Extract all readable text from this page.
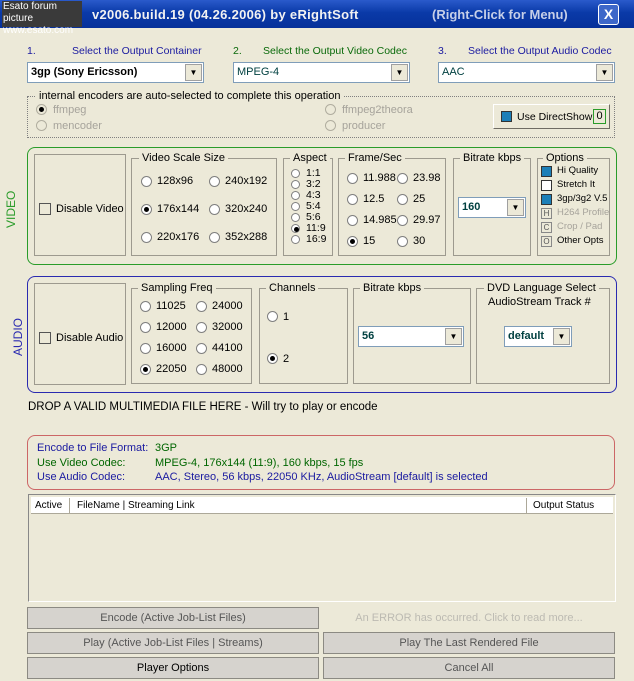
Esato forum picture
www.esato.com
v2006.build.19 (04.26.2006) by eRightSoft	(Right-Click for Menu)	X
1.	Select the Output Container
3gp (Sony Ericsson)	▼
2. Select the Output Video Codec
MPEG-4	▼
3. Select the Output Audio Codec
AAC	▼
internal encoders are auto-selected to complete this operation
ffmpeg
mencoder
ffmpeg2theora
producer
Use DirectShow 0
VIDEO	Disable Video
Video Scale Size	Aspect Frame/Sec	Bitrate kbps
160	▼
Options
AUDIO	Disable Audio
Sampling Freq	Channels
1
2
Bitrate kbps
56	▼
DVD Language Select
AudioStream Track #
default	▼
DROP A VALID MULTIMEDIA FILE HERE - Will try to play or encode
Encode to File Format: 3GP
Use Video Codec:	MPEG-4, 176x144 (11:9), 160 kbps, 15 fps
Use Audio Codec:	AAC, Stereo, 56 kbps, 22050 KHz, AudioStream [default] is selected
Active FileName | Streaming Link	Output Status
Encode (Active Job-List Files)	An ERROR has occurred. Click to read more...
Play (Active Job-List Files | Streams)	Play The Last Rendered File
Player Options	Cancel All
128x96	240x192
176x144 320x240
220x176 352x288
1:1
3:2
4:3
5:4
5:6
11:9
16:9
11.988 23.98
12.5	25
14.985 29.97
15	30
Hi Quality
Stretch It
3gp/3g2 V.5
H H264 Profile
C Crop / Pad
O Other Opts
11025 24000
12000 32000
16000 44100
22050 48000
